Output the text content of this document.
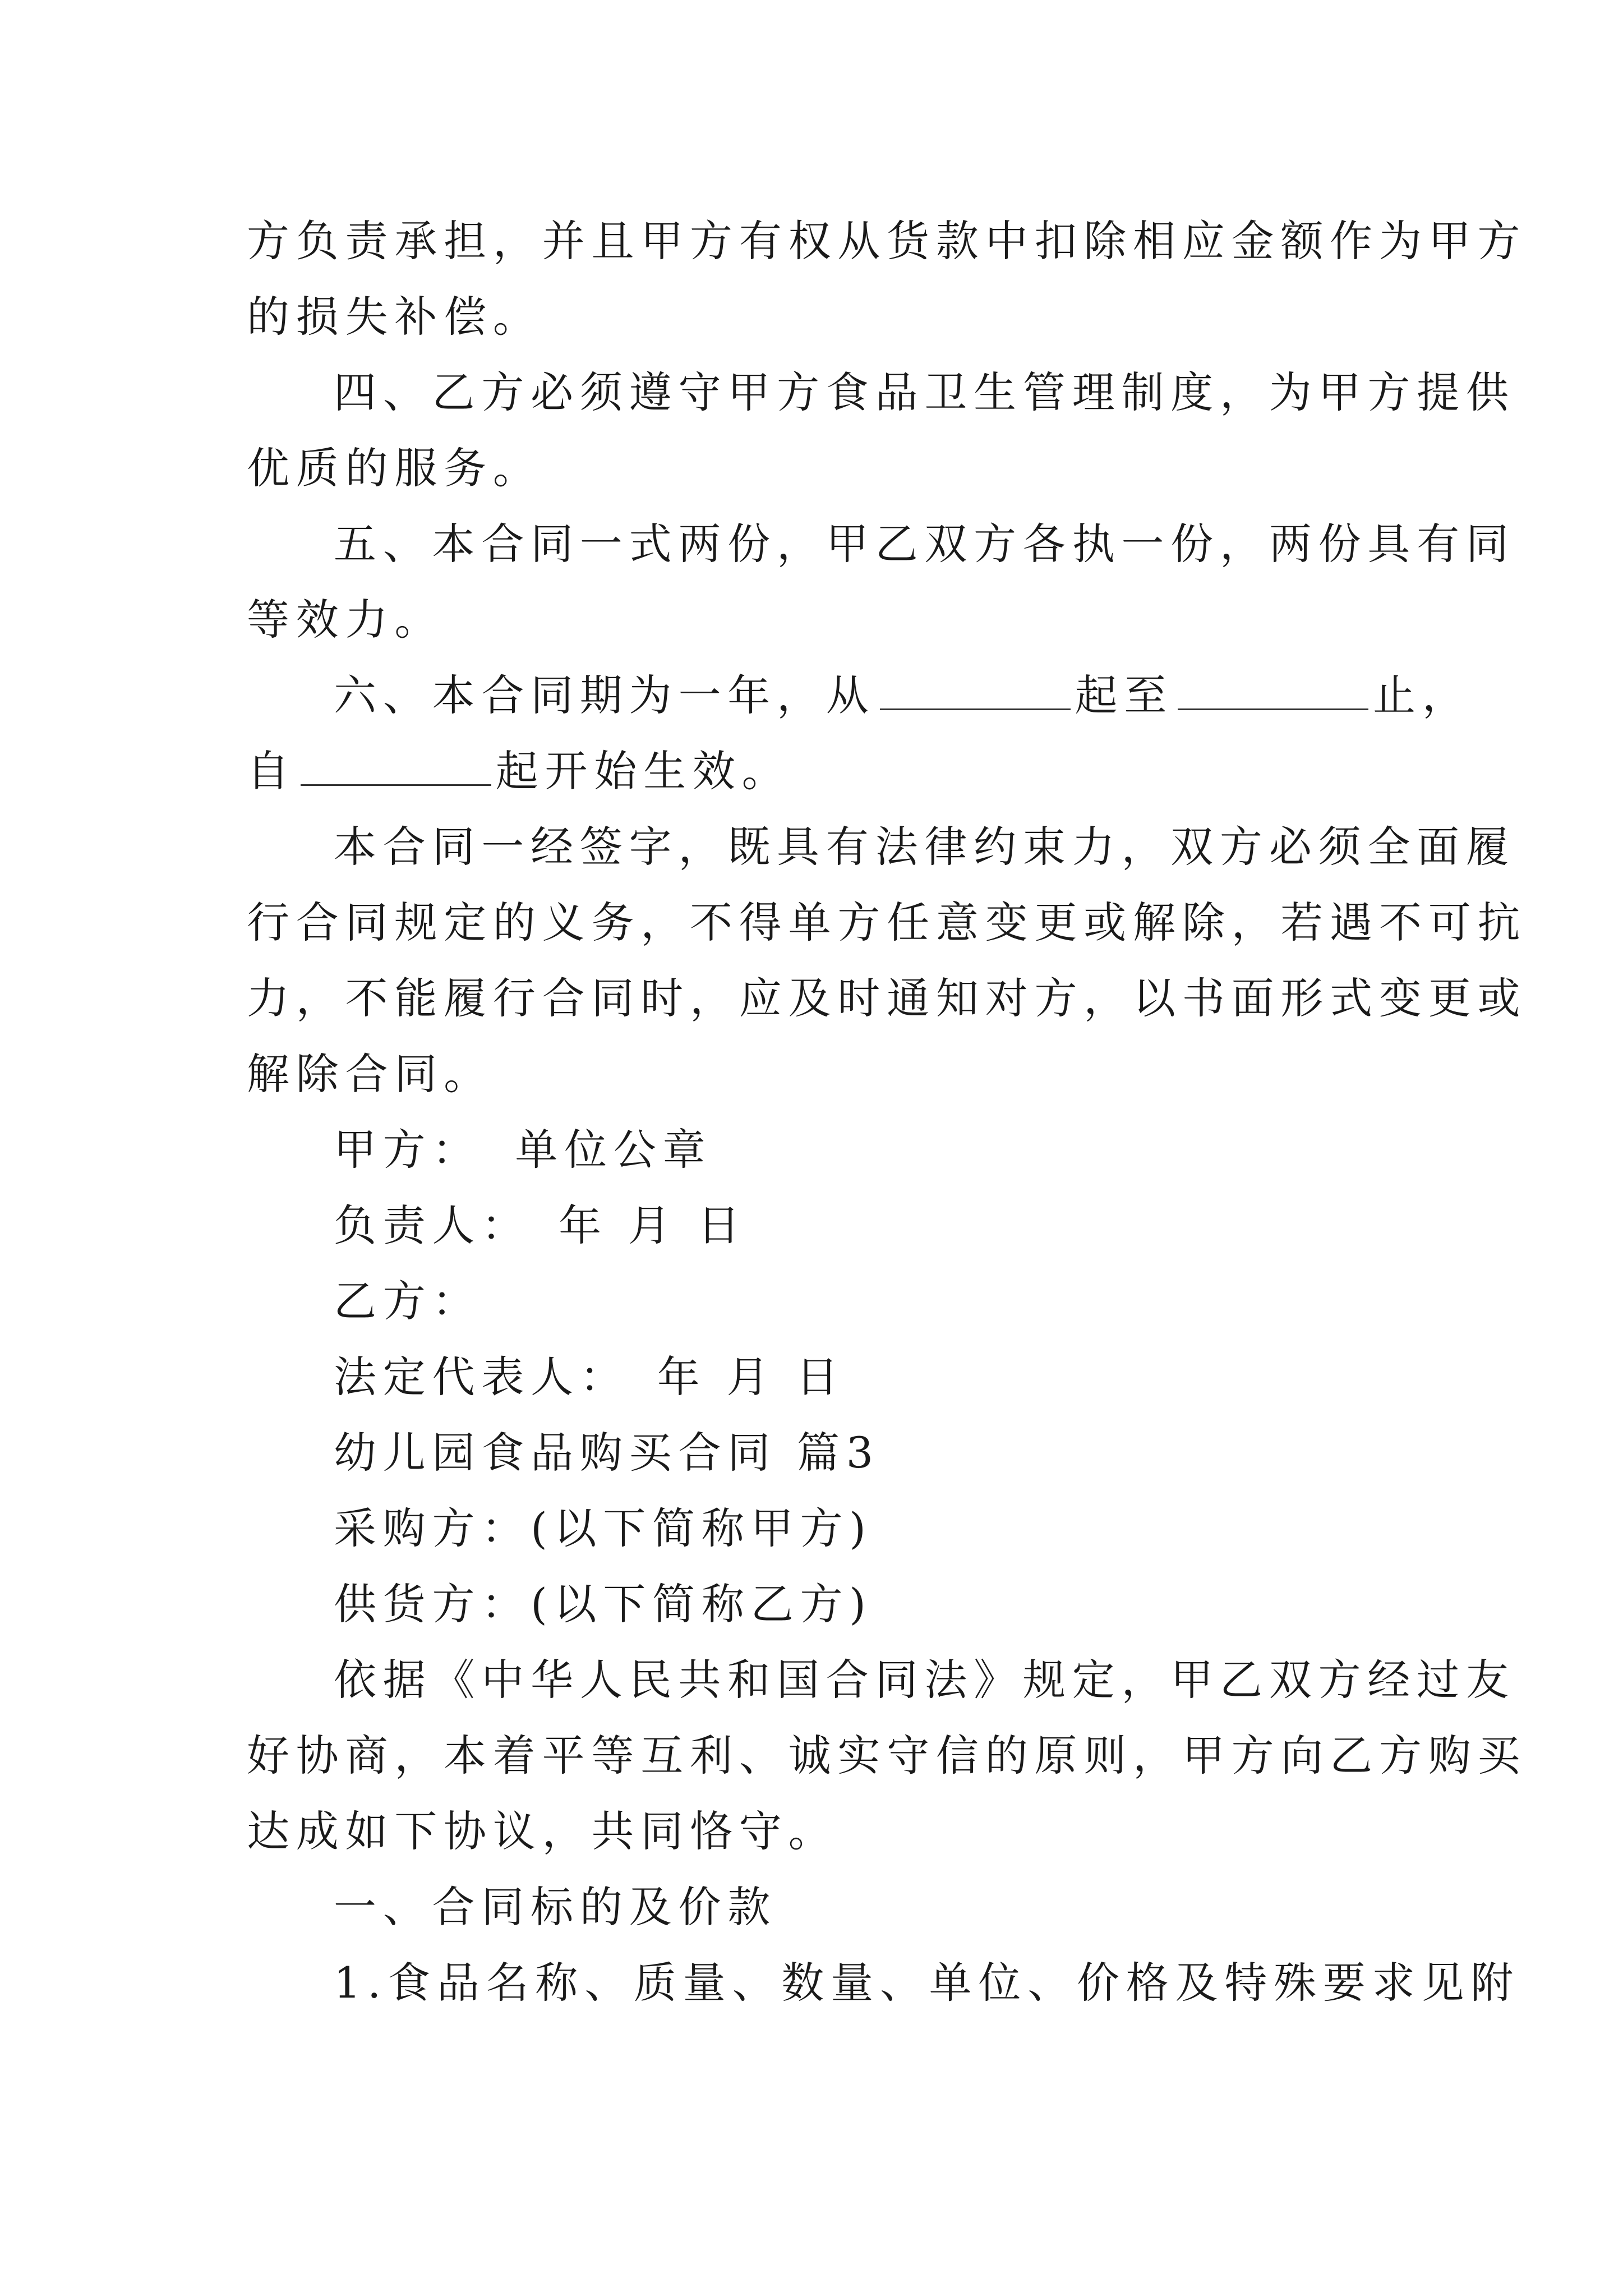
方负责承担，并且甲方有权从货款中扣除相应金额作为甲方
的损失补偿。
四、乙方必须遵守甲方食品卫生管理制度，为甲方提供
优质的服务。
五、本合同一式两份，甲乙双方各执一份，两份具有同
等效力。
六、本合同期为一年，从	起至	止，
自	起开始生效。
本合同一经签字，既具有法律约束力，双方必须全面履
行合同规定的义务，不得单方任意变更或解除，若遇不可抗
力，不能履行合同时，应及时通知对方，以书面形式变更或
解除合同。
甲方： 单位公章
负责人： 年 月 日
乙方：
法定代表人： 年 月 日
幼儿园食品购买合同 篇3
采购方：(以下简称甲方)
供货方：(以下简称乙方)
依据《中华人民共和国合同法》规定，甲乙双方经过友
好协商，本着平等互利、诚实守信的原则，甲方向乙方购买
达成如下协议，共同恪守。
一、合同标的及价款
1.食品名称、质量、数量、单位、价格及特殊要求见附
